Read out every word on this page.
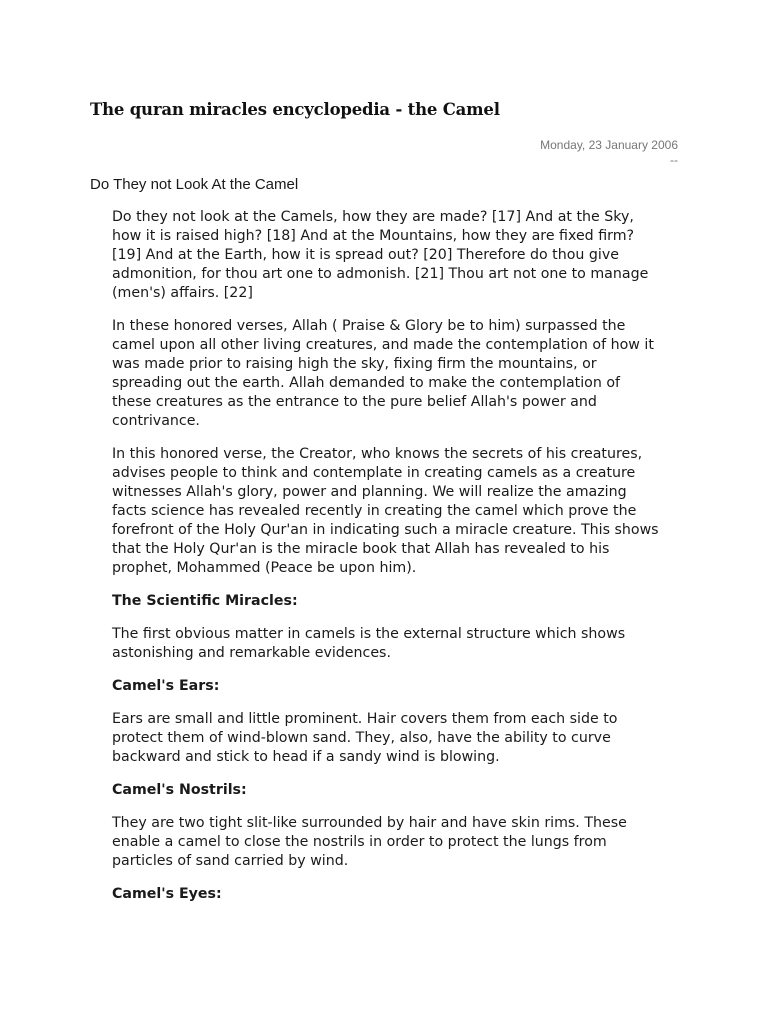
The quran miracles encyclopedia - the Camel
Monday, 23 January 2006
--
Do They not Look At the Camel

Do they not look at the Camels, how they are made? [17] And at the Sky, how it is raised high? [18] And at the Mountains, how they are fixed firm? [19] And at the Earth, how it is spread out? [20] Therefore do thou give admonition, for thou art one to admonish. [21] Thou art not one to manage (men's) affairs. [22]

In these honored verses, Allah ( Praise & Glory be to him) surpassed the camel upon all other living creatures, and made the contemplation of how it was made prior to raising high the sky, fixing firm the mountains, or spreading out the earth. Allah demanded to make the contemplation of these creatures as the entrance to the pure belief Allah's power and contrivance.

In this honored verse, the Creator, who knows the secrets of his creatures, advises people to think and contemplate in creating camels as a creature witnesses Allah's glory, power and planning. We will realize the amazing facts science has revealed recently in creating the camel which prove the forefront of the Holy Qur'an in indicating such a miracle creature. This shows that the Holy Qur'an is the miracle book that Allah has revealed to his prophet, Mohammed (Peace be upon him).

The Scientific Miracles:

The first obvious matter in camels is the external structure which shows astonishing and remarkable evidences.

Camel's Ears:

Ears are small and little prominent. Hair covers them from each side to protect them of wind-blown sand. They, also, have the ability to curve backward and stick to head if a sandy wind is blowing.

Camel's Nostrils:

They are two tight slit-like surrounded by hair and have skin rims. These enable a camel to close the nostrils in order to protect the lungs from particles of sand carried by wind.

Camel's Eyes:
